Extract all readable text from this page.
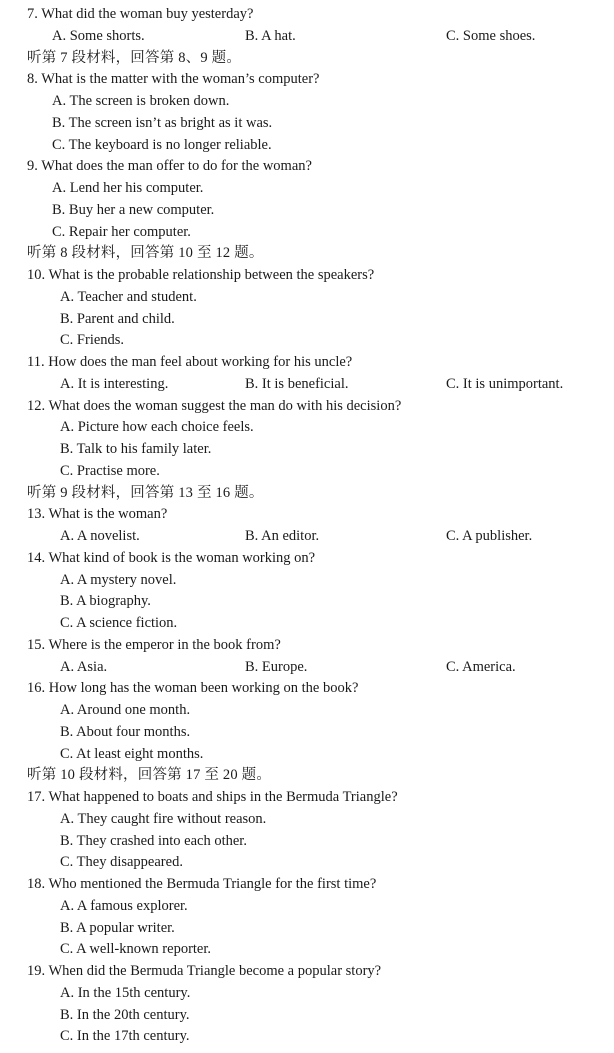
7. What did the woman buy yesterday?
A. Some shorts.	B. A hat.	C. Some shoes.
听第 7 段材料，回答第 8、9 题。
8. What is the matter with the woman’s computer?
A. The screen is broken down.
B. The screen isn’t as bright as it was.
C. The keyboard is no longer reliable.
9. What does the man offer to do for the woman?
A. Lend her his computer.
B. Buy her a new computer.
C. Repair her computer.
听第 8 段材料，回答第 10 至 12 题。
10. What is the probable relationship between the speakers?
A. Teacher and student.
B. Parent and child.
C. Friends.
11. How does the man feel about working for his uncle?
A. It is interesting.	B. It is beneficial.	C. It is unimportant.
12. What does the woman suggest the man do with his decision?
A. Picture how each choice feels.
B. Talk to his family later.
C. Practise more.
听第 9 段材料，回答第 13 至 16 题。
13. What is the woman?
A. A novelist.	B. An editor.	C. A publisher.
14. What kind of book is the woman working on?
A. A mystery novel.
B. A biography.
C. A science fiction.
15. Where is the emperor in the book from?
A. Asia.	B. Europe.	C. America.
16. How long has the woman been working on the book?
A. Around one month.
B. About four months.
C. At least eight months.
听第 10 段材料，回答第 17 至 20 题。
17. What happened to boats and ships in the Bermuda Triangle?
A. They caught fire without reason.
B. They crashed into each other.
C. They disappeared.
18. Who mentioned the Bermuda Triangle for the first time?
A. A famous explorer.
B. A popular writer.
C. A well-known reporter.
19. When did the Bermuda Triangle become a popular story?
A. In the 15th century.
B. In the 20th century.
C. In the 17th century.
